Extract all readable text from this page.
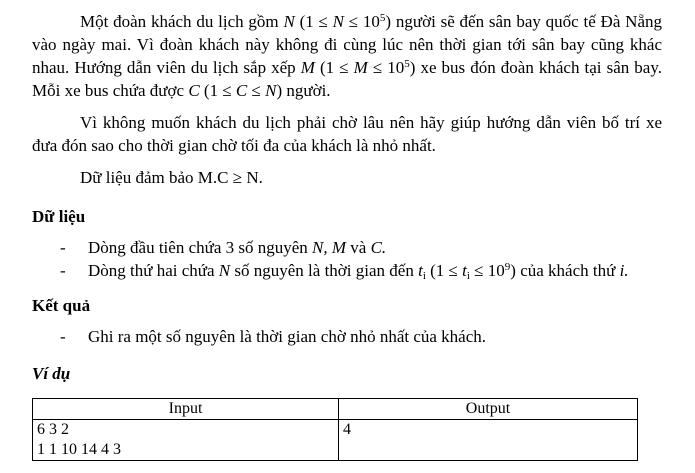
Một đoàn khách du lịch gồm N $(1 \le N \le 10^5)$ người sẽ đến sân bay quốc tế Đà Nẵng vào ngày mai. Vì đoàn khách này không đi cùng lúc nên thời gian tới sân bay cũng khác nhau. Hướng dẫn viên du lịch sắp xếp M $(1 \le M \le 10^5)$ xe bus đón đoàn khách tại sân bay. Mỗi xe bus chứa được C (1 ≤ C ≤ N) người.

Vì không muốn khách du lịch phải chờ lâu nên hãy giúp hướng dẫn viên bố trí xe đưa đón sao cho thời gian chờ tối đa của khách là nhỏ nhất.

Dữ liệu đảm bảo M.C ≥ N.

Dữ liệu

- Dòng đầu tiên chứa 3 số nguyên N, M và C.

- Dòng thứ hai chứa N số nguyên là thời gian đến $t_i$ $(1 \le t_i \le 10^9)$ của khách thứ i.

Kết quả

- Ghi ra một số nguyên là thời gian chờ nhỏ nhất của khách.

Ví dụ

Input	Output

6 3 2
1 1 10 14 4 3	4
